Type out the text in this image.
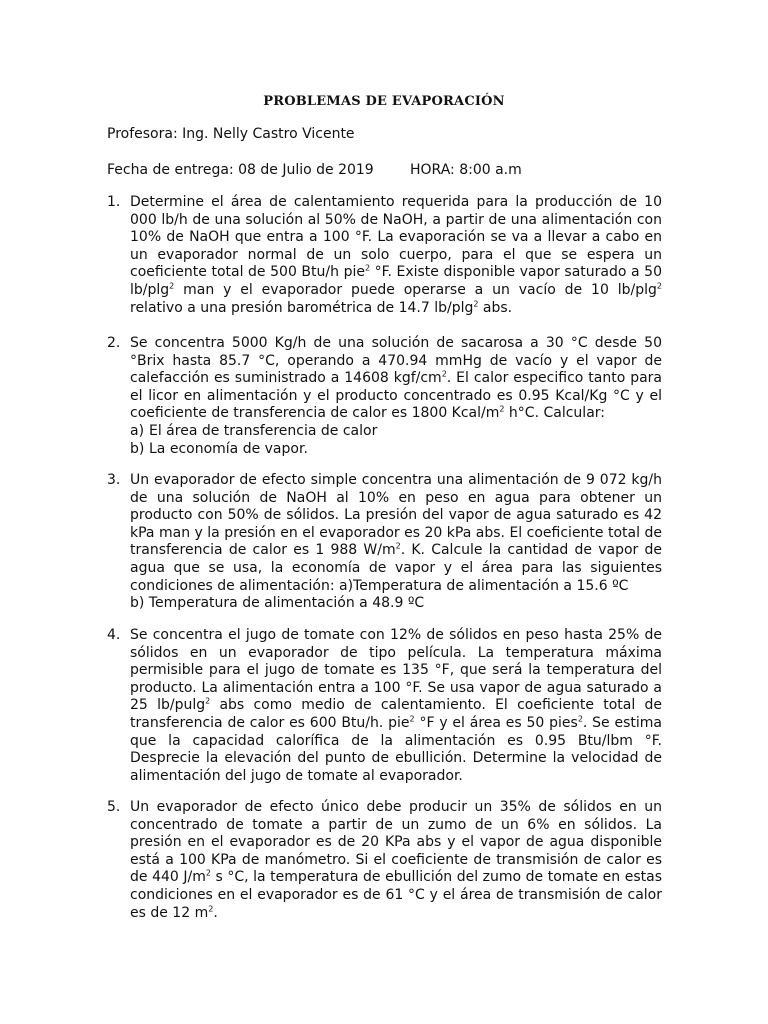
PROBLEMAS DE EVAPORACIÓN
Profesora: Ing. Nelly Castro Vicente
Fecha de entrega: 08 de Julio de 2019	HORA: 8:00 a.m
1. Determine el área de calentamiento requerida para la producción de 10 000 lb/h de una solución al 50% de NaOH, a partir de una alimentación con 10% de NaOH que entra a 100 °F. La evaporación se va a llevar a cabo en un evaporador normal de un solo cuerpo, para el que se espera un coeficiente total de 500 Btu/h pie$^2$ °F. Existe disponible vapor saturado a 50 lb/plg$^2$ man y el evaporador puede operarse a un vacío de 10 lb/plg$^2$ relativo a una presión barométrica de 14.7 lb/plg$^2$ abs.

2. Se concentra 5000 Kg/h de una solución de sacarosa a 30 °C desde 50 °Brix hasta 85.7 °C, operando a 470.94 mmHg de vacío y el vapor de calefacción es suministrado a 14608 kgf/$cm^2$. El calor especifico tanto para el licor en alimentación y el producto concentrado es 0.95 Kcal/Kg °C y el coeficiente de transferencia de calor es 1800 Kcal/$m^2$ h°C. Calcular:

a) El área de transferencia de calor
b) La economía de vapor.
3. Un evaporador de efecto simple concentra una alimentación de 9 072 kg/h de una solución de NaOH al 10% en peso en agua para obtener un producto con 50% de sólidos. La presión del vapor de agua saturado es 42 kPa man y la presión en el evaporador es 20 kPa abs. El coeficiente total de transferencia de calor es 1 988 $W/m^2$. K. Calcule la cantidad de vapor de agua que se usa, la economía de vapor y el área para las siguientes condiciones de alimentación: a)Temperatura de alimentación a 15.6 ºC

b) Temperatura de alimentación a 48.9 ºC

4. Se concentra el jugo de tomate con 12% de sólidos en peso hasta 25% de sólidos en un evaporador de tipo película. La temperatura máxima permisible para el jugo de tomate es 135 °F, que será la temperatura del producto. La alimentación entra a 100 °F. Se usa vapor de agua saturado a 25 lb/pulg$^2$ abs como medio de calentamiento. El coeficiente total de transferencia de calor es 600 Btu/h. pie$^2$ °F y el área es 50 pies$^2$. Se estima que la capacidad calorífica de la alimentación es 0.95 Btu/lbm °F. Desprecie la elevación del punto de ebullición. Determine la velocidad de alimentación del jugo de tomate al evaporador.

5. Un evaporador de efecto único debe producir un 35% de sólidos en un concentrado de tomate a partir de un zumo de un 6% en sólidos. La presión en el evaporador es de 20 KPa abs y el vapor de agua disponible está a 100 KPa de manómetro. Si el coeficiente de transmisión de calor es de 440 $J/m^2$ s °C, la temperatura de ebullición del zumo de tomate en estas condiciones en el evaporador es de 61 °C y el área de transmisión de calor es de 12 $m^2$.
